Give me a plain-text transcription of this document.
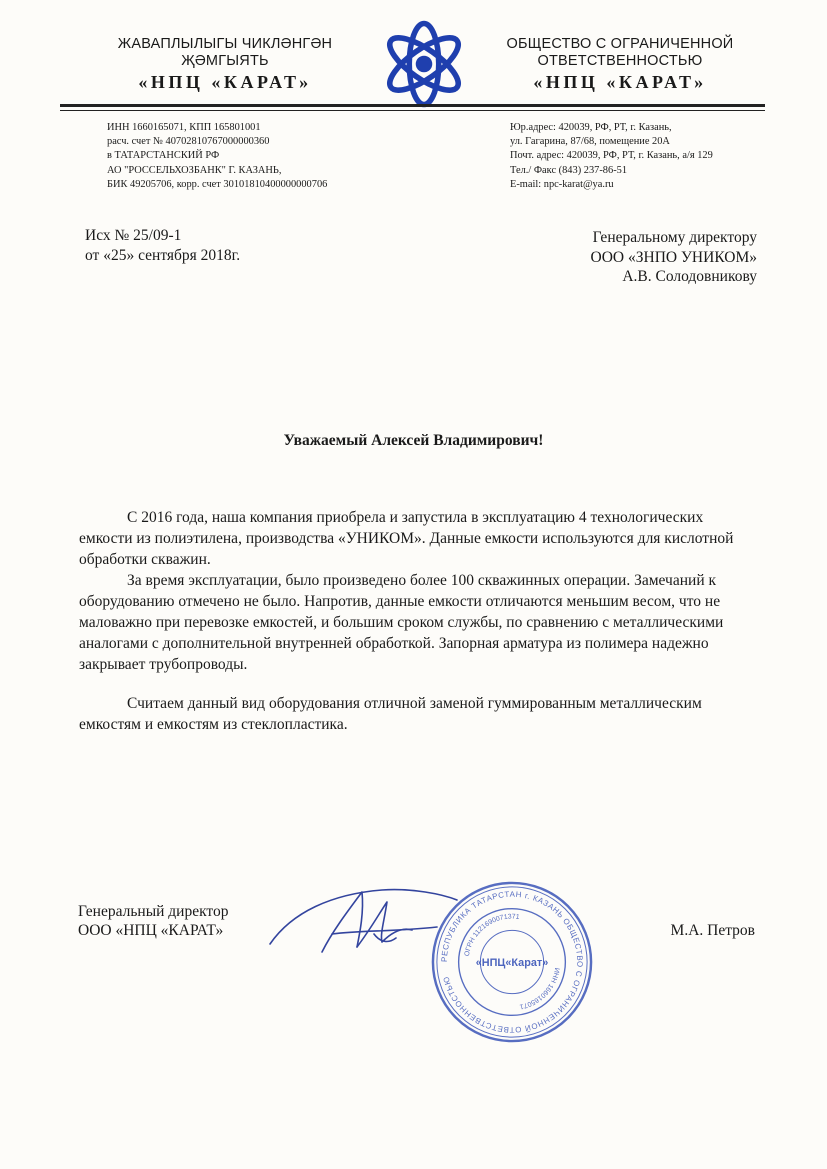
ЖАВАПЛЫЛЫГЫ ЧИКЛӘНГӘН
ҖӘМГЫЯТЬ
«НПЦ «КАРАТ»
ОБЩЕСТВО С ОГРАНИЧЕННОЙ
ОТВЕТСТВЕННОСТЬЮ
«НПЦ «КАРАТ»
ИНН 1660165071, КПП 165801001
расч. счет № 40702810767000000360
в ТАТАРСТАНСКИЙ РФ
АО "РОССЕЛЬХОЗБАНК" Г. КАЗАНЬ,
БИК 49205706, корр. счет 30101810400000000706
Юр.адрес: 420039, РФ, РТ, г. Казань,
ул. Гагарина, 87/68, помещение 20А
Почт. адрес: 420039, РФ, РТ, г. Казань, а/я 129
Тел./ Факс (843) 237-86-51
E-mail: npc-karat@ya.ru
Исх № 25/09-1
от «25» сентября 2018г.
Генеральному директору
ООО «ЗНПО УНИКОМ»
А.В. Солодовникову
Уважаемый Алексей Владимирович!

С 2016 года, наша компания приобрела и запустила в эксплуатацию 4 технологических емкости из полиэтилена, производства «УНИКОМ». Данные емкости используются для кислотной обработки скважин.

За время эксплуатации, было произведено более 100 скважинных операции. Замечаний к оборудованию отмечено не было. Напротив, данные емкости отличаются меньшим весом, что не маловажно при перевозке емкостей, и большим сроком службы, по сравнению с металлическими аналогами с дополнительной внутренней обработкой. Запорная арматура из полимера надежно закрывает трубопроводы.

Считаем данный вид оборудования отличной заменой гуммированным металлическим емкостям и емкостям из стеклопластика.

Генеральный директор
ООО «НПЦ «КАРАТ»
РЕСПУБЛИКА ТАТАРСТАН г. КАЗАНЬ ОБЩЕСТВО С ОГРАНИЧЕННОЙ ОТВЕТСТВЕННОСТЬЮ
ОГРН 1121690071371
ИНН 1660165071
«НПЦ«Карат»
М.А. Петров
